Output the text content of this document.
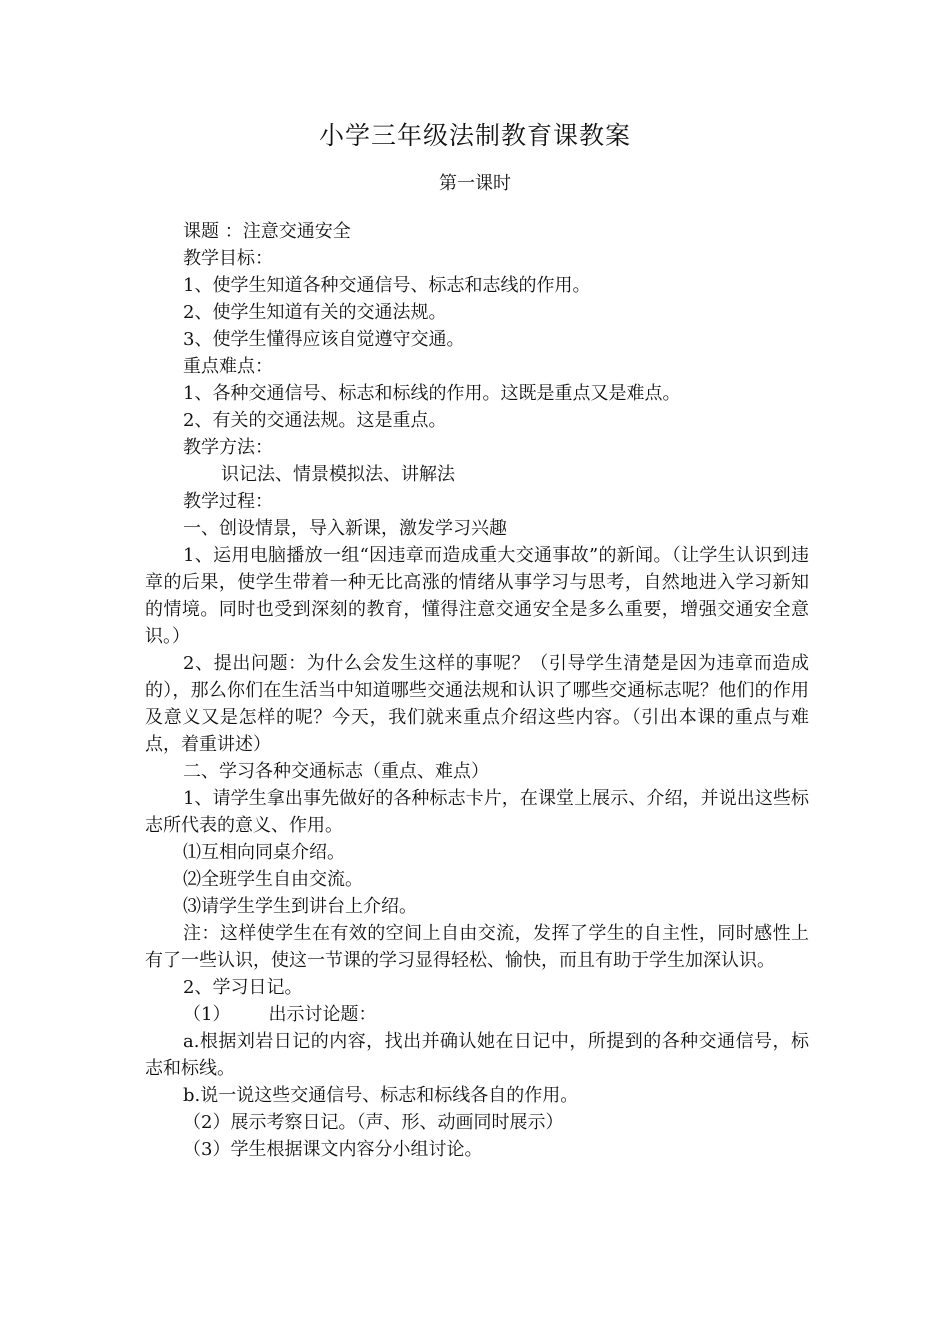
小学三年级法制教育课教案

第一课时

课题 ：注意交通安全

教学目标：

1、使学生知道各种交通信号、标志和志线的作用。

2、使学生知道有关的交通法规。

3、使学生懂得应该自觉遵守交通。

重点难点：

1、各种交通信号、标志和标线的作用。这既是重点又是难点。

2、有关的交通法规。这是重点。

教学方法：

识记法、情景模拟法、讲解法

教学过程：

一、创设情景，导入新课，激发学习兴趣

1、运用电脑播放一组“因违章而造成重大交通事故”的新闻。（让学生认识到违章的后果，使学生带着一种无比高涨的情绪从事学习与思考，自然地进入学习新知的情境。同时也受到深刻的教育，懂得注意交通安全是多么重要，增强交通安全意识。）

2、提出问题：为什么会发生这样的事呢？（引导学生清楚是因为违章而造成的），那么你们在生活当中知道哪些交通法规和认识了哪些交通标志呢？他们的作用及意义又是怎样的呢？今天，我们就来重点介绍这些内容。（引出本课的重点与难点，着重讲述）

二、学习各种交通标志（重点、难点）

1、请学生拿出事先做好的各种标志卡片，在课堂上展示、介绍，并说出这些标志所代表的意义、作用。

⑴互相向同桌介绍。

⑵全班学生自由交流。

⑶请学生学生到讲台上介绍。

注：这样使学生在有效的空间上自由交流，发挥了学生的自主性，同时感性上有了一些认识，使这一节课的学习显得轻松、愉快，而且有助于学生加深认识。

2、学习日记。

（1） 出示讨论题：

a.根据刘岩日记的内容，找出并确认她在日记中，所提到的各种交通信号，标志和标线。

b.说一说这些交通信号、标志和标线各自的作用。

（2）展示考察日记。（声、形、动画同时展示）

（3）学生根据课文内容分小组讨论。
